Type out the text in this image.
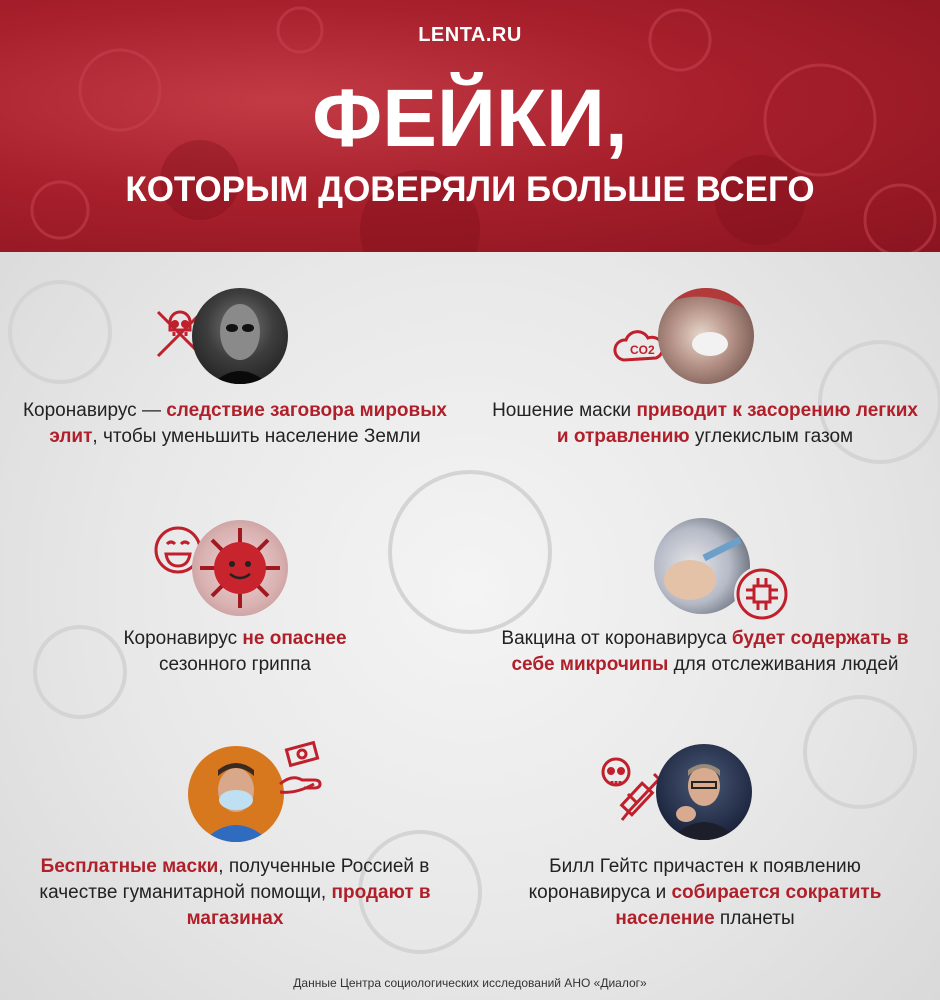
LENTA.RU
ФЕЙКИ,
КОТОРЫМ ДОВЕРЯЛИ БОЛЬШЕ ВСЕГО
Коронавирус — следствие заговора мировых элит, чтобы уменьшить население Земли
CO2
Ношение маски приводит к засорению легких и отравлению углекислым газом
Коронавирус не опаснее
сезонного гриппа
Вакцина от коронавируса будет содержать в себе микрочипы для отслеживания людей
Бесплатные маски, полученные Россией в качестве гуманитарной помощи, продают в магазинах
Билл Гейтс причастен к появлению коронавируса и собирается сократить население планеты
Данные Центра социологических исследований АНО «Диалог»
